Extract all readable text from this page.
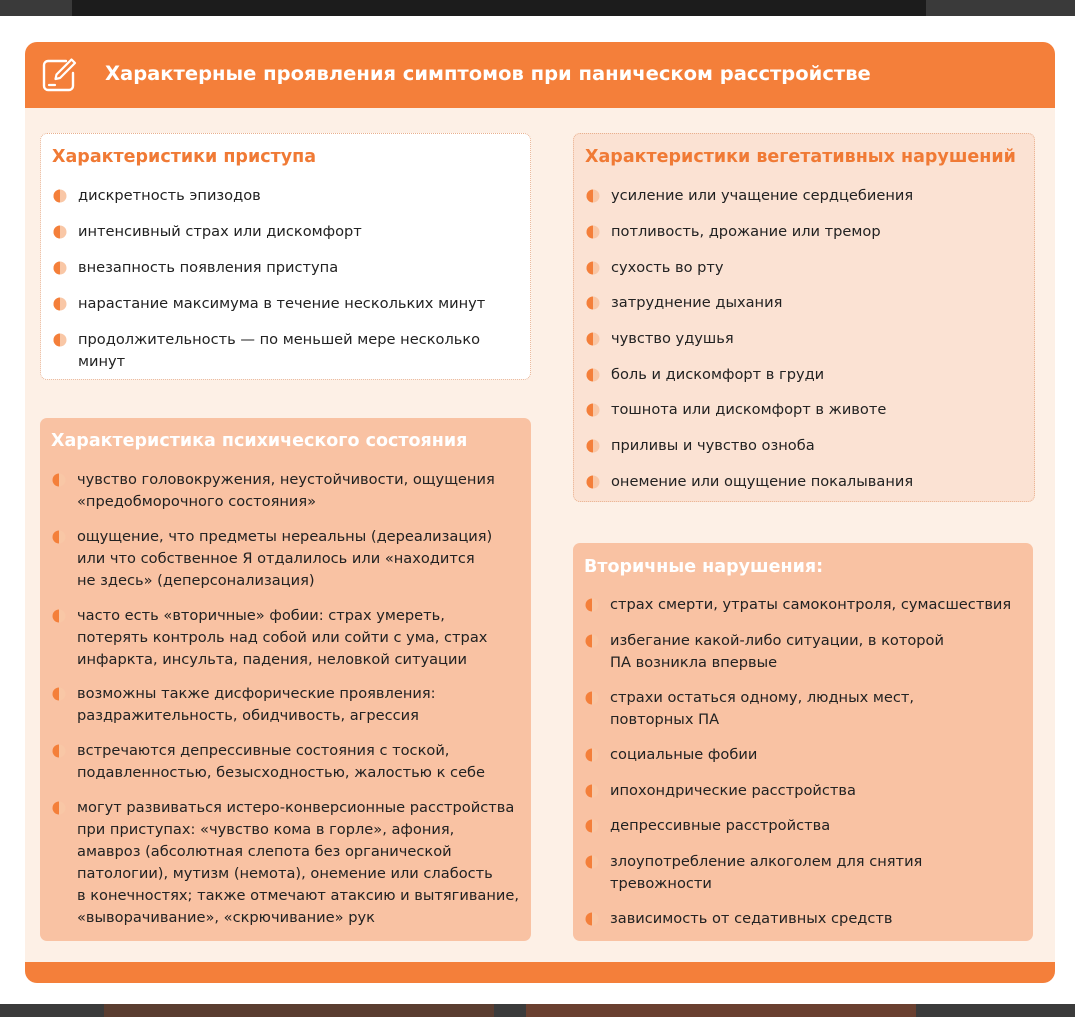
Характерные проявления симптомов при паническом расстройстве
Характеристики приступа
дискретность эпизодов
интенсивный страх или дискомфорт
внезапность появления приступа
нарастание максимума в течение нескольких минут
продолжительность — по меньшей мере несколько
минут
Характеристики вегетативных нарушений
усиление или учащение сердцебиения
потливость, дрожание или тремор
сухость во рту
затруднение дыхания
чувство удушья
боль и дискомфорт в груди
тошнота или дискомфорт в животе
приливы и чувство озноба
онемение или ощущение покалывания
Характеристика психического состояния
чувство головокружения, неустойчивости, ощущения
«предобморочного состояния»
ощущение, что предметы нереальны (дереализация)
или что собственное Я отдалилось или «находится
не здесь» (деперсонализация)
часто есть «вторичные» фобии: страх умереть,
потерять контроль над собой или сойти с ума, страх
инфаркта, инсульта, падения, неловкой ситуации
возможны также дисфорические проявления:
раздражительность, обидчивость, агрессия
встречаются депрессивные состояния с тоской,
подавленностью, безысходностью, жалостью к себе
могут развиваться истеро-конверсионные расстройства
при приступах: «чувство кома в горле», афония,
амавроз (абсолютная слепота без органической
патологии), мутизм (немота), онемение или слабость
в конечностях; также отмечают атаксию и вытягивание,
«выворачивание», «скрючивание» рук
Вторичные нарушения:
страх смерти, утраты самоконтроля, сумасшествия
избегание какой-либо ситуации, в которой
ПА возникла впервые
страхи остаться одному, людных мест,
повторных ПА
социальные фобии
ипохондрические расстройства
депрессивные расстройства
злоупотребление алкоголем для снятия
тревожности
зависимость от седативных средств
